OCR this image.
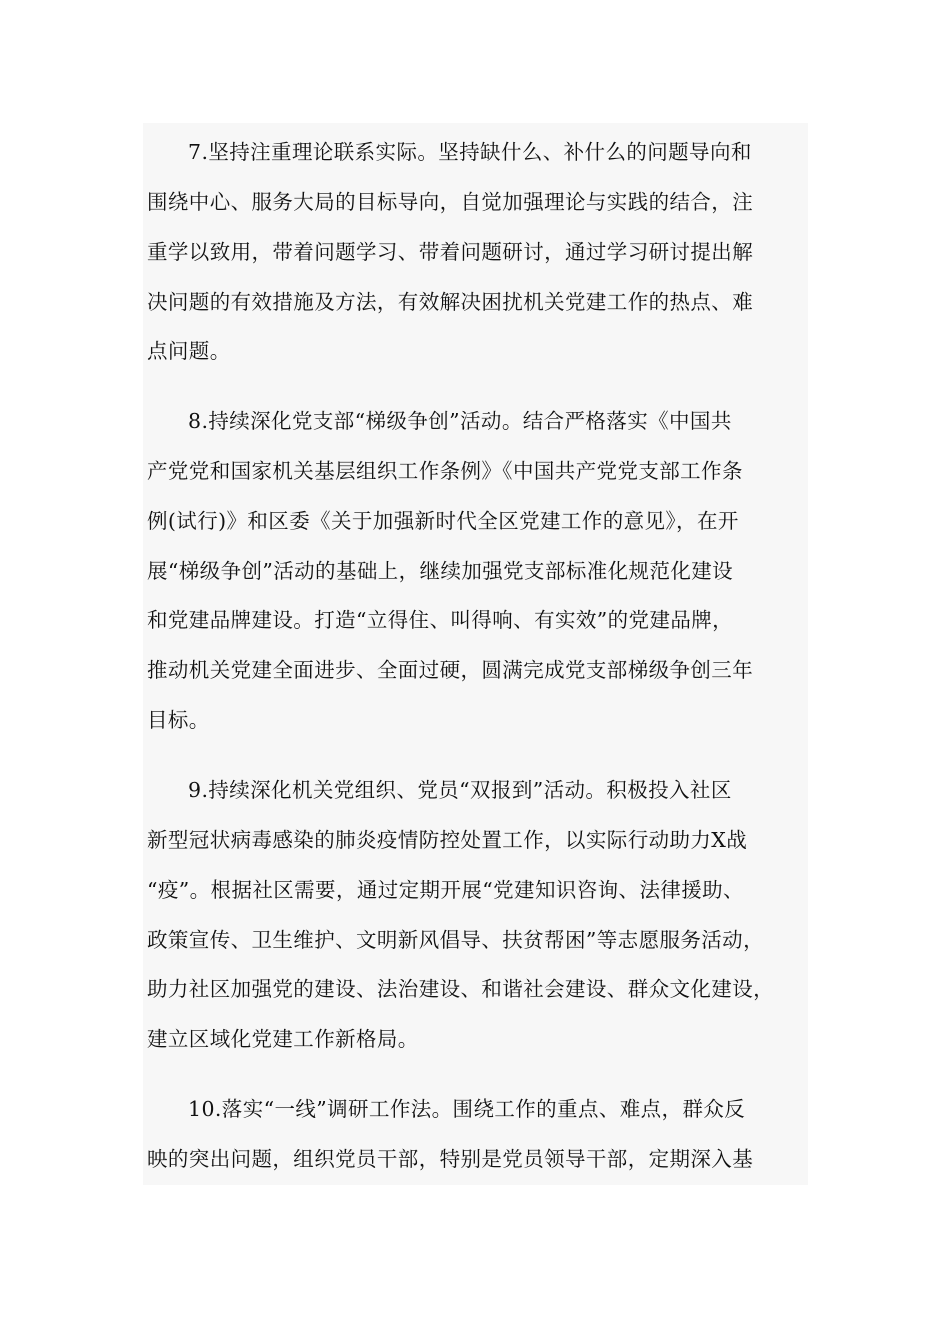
7.坚持注重理论联系实际。坚持缺什么、补什么的问题导向和
围绕中心、服务大局的目标导向，自觉加强理论与实践的结合，注
重学以致用，带着问题学习、带着问题研讨，通过学习研讨提出解
决问题的有效措施及方法，有效解决困扰机关党建工作的热点、难
点问题。
8.持续深化党支部“梯级争创”活动。结合严格落实《中国共
产党党和国家机关基层组织工作条例》《中国共产党党支部工作条
例(试行)》和区委《关于加强新时代全区党建工作的意见》，在开
展“梯级争创”活动的基础上，继续加强党支部标准化规范化建设
和党建品牌建设。打造“立得住、叫得响、有实效”的党建品牌，
推动机关党建全面进步、全面过硬，圆满完成党支部梯级争创三年
目标。
9.持续深化机关党组织、党员“双报到”活动。积极投入社区
新型冠状病毒感染的肺炎疫情防控处置工作，以实际行动助力X战
“疫”。根据社区需要，通过定期开展“党建知识咨询、法律援助、
政策宣传、卫生维护、文明新风倡导、扶贫帮困”等志愿服务活动，
助力社区加强党的建设、法治建设、和谐社会建设、群众文化建设，
建立区域化党建工作新格局。
10.落实“一线”调研工作法。围绕工作的重点、难点，群众反
映的突出问题，组织党员干部，特别是党员领导干部，定期深入基
